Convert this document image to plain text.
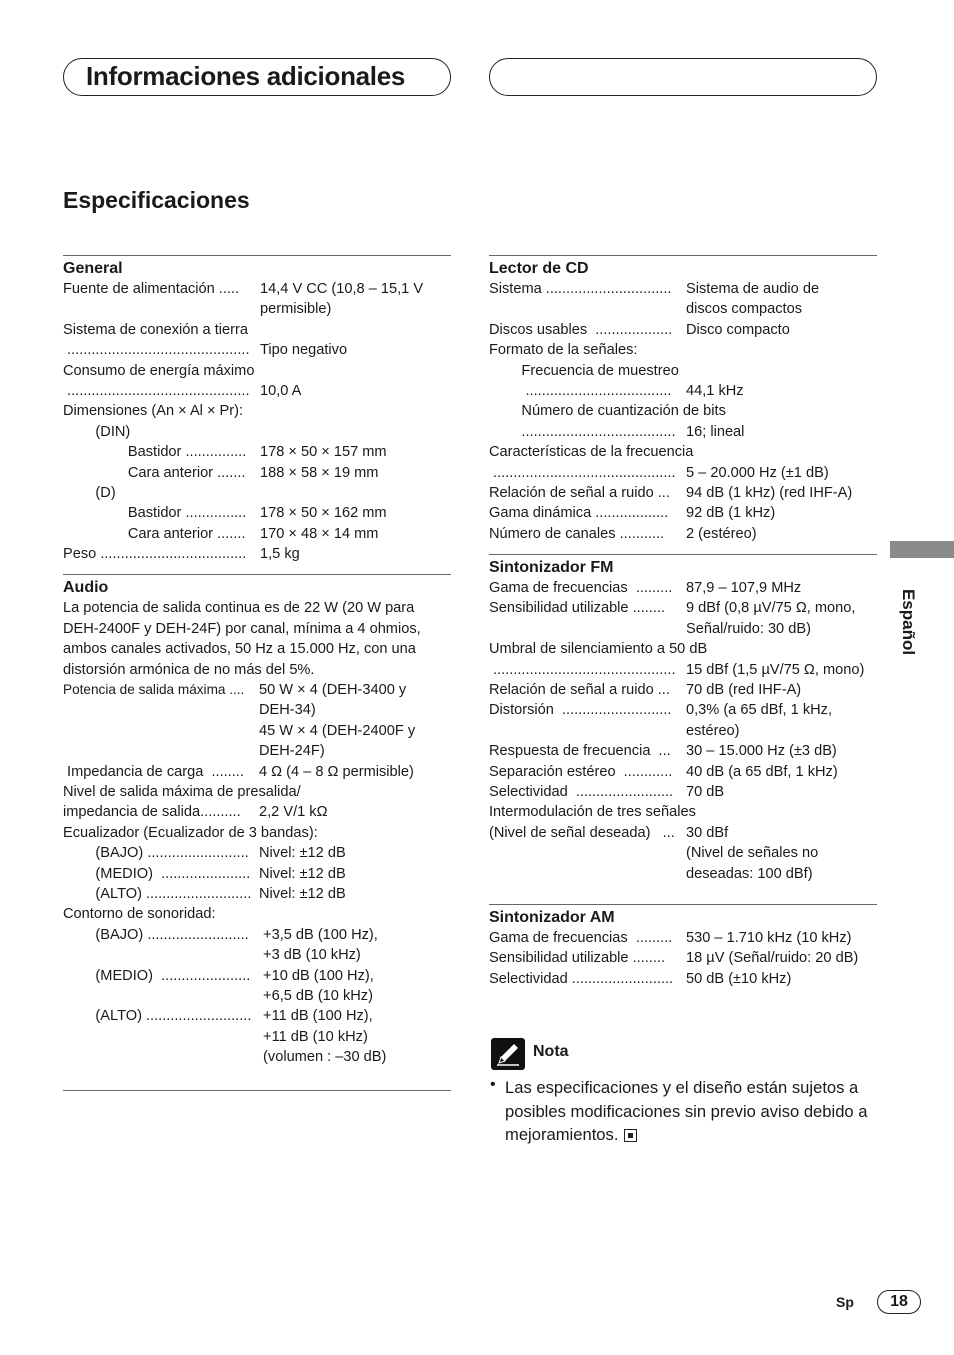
Informaciones adicionales
Especificaciones
General
Fuente de alimentación ..... 14,4 V CC (10,8 – 15,1 V
permisible)
Sistema de conexión a tierra
............................................. Tipo negativo
Consumo de energía máximo
............................................. 10,0 A
Dimensiones (An × Al × Pr):
(DIN)
Bastidor ............... 178 × 50 × 157 mm
Cara anterior ....... 188 × 58 × 19 mm
(D)
Bastidor ............... 178 × 50 × 162 mm
Cara anterior ....... 170 × 48 × 14 mm
Peso .................................... 1,5 kg
Audio
La potencia de salida continua es de 22 W (20 W para DEH-2400F y DEH-24F) por canal, mínima a 4 ohmios, ambos canales activados, 50 Hz a 15.000 Hz, con una distorsión armónica de no más del 5%.
Potencia de salida máxima .... 50 W × 4 (DEH-3400 y
DEH-34)
45 W × 4 (DEH-2400F y
DEH-24F)
Impedancia de carga  ........ 4 Ω (4 – 8 Ω permisible)
Nivel de salida máxima de presalida/
impedancia de salida.......... 2,2 V/1 kΩ
Ecualizador (Ecualizador de 3 bandas):
(BAJO) ......................... Nivel: ±12 dB
(MEDIO)  ...................... Nivel: ±12 dB
(ALTO) .......................... Nivel: ±12 dB
Contorno de sonoridad:
(BAJO) ......................... +3,5 dB (100 Hz),
+3 dB (10 kHz)
(MEDIO)  ...................... +10 dB (100 Hz),
+6,5 dB (10 kHz)
(ALTO) .......................... +11 dB (100 Hz),
+11 dB (10 kHz)
(volumen : –30 dB)
Lector de CD
Sistema ............................... Sistema de audio de
discos compactos
Discos usables  ................... Disco compacto
Formato de la señales:
Frecuencia de muestreo
.................................... 44,1 kHz
Número de cuantización de bits
...................................... 16; lineal
Características de la frecuencia
............................................. 5 – 20.000 Hz (±1 dB)
Relación de señal a ruido ... 94 dB (1 kHz) (red IHF-A)
Gama dinámica .................. 92 dB (1 kHz)
Número de canales ........... 2 (estéreo)
Sintonizador FM
Gama de frecuencias  ......... 87,9 – 107,9 MHz
Sensibilidad utilizable ........ 9 dBf (0,8 µV/75 Ω, mono,
Señal/ruido: 30 dB)
Umbral de silenciamiento a 50 dB
............................................. 15 dBf (1,5 µV/75 Ω, mono)
Relación de señal a ruido ... 70 dB (red IHF-A)
Distorsión  ........................... 0,3% (a 65 dBf, 1 kHz,
estéreo)
Respuesta de frecuencia  ... 30 – 15.000 Hz (±3 dB)
Separación estéreo  ............ 40 dB (a 65 dBf, 1 kHz)
Selectividad  ........................ 70 dB
Intermodulación de tres señales
(Nivel de señal deseada)   ... 30 dBf
(Nivel de señales no
deseadas: 100 dBf)
Sintonizador AM
Gama de frecuencias  ......... 530 – 1.710 kHz (10 kHz)
Sensibilidad utilizable ........ 18 µV (Señal/ruido: 20 dB)
Selectividad ......................... 50 dB (±10 kHz)
Nota
• Las especificaciones y el diseño están sujetos a posibles modificaciones sin previo aviso debido a mejoramientos.
Español
Sp	18
